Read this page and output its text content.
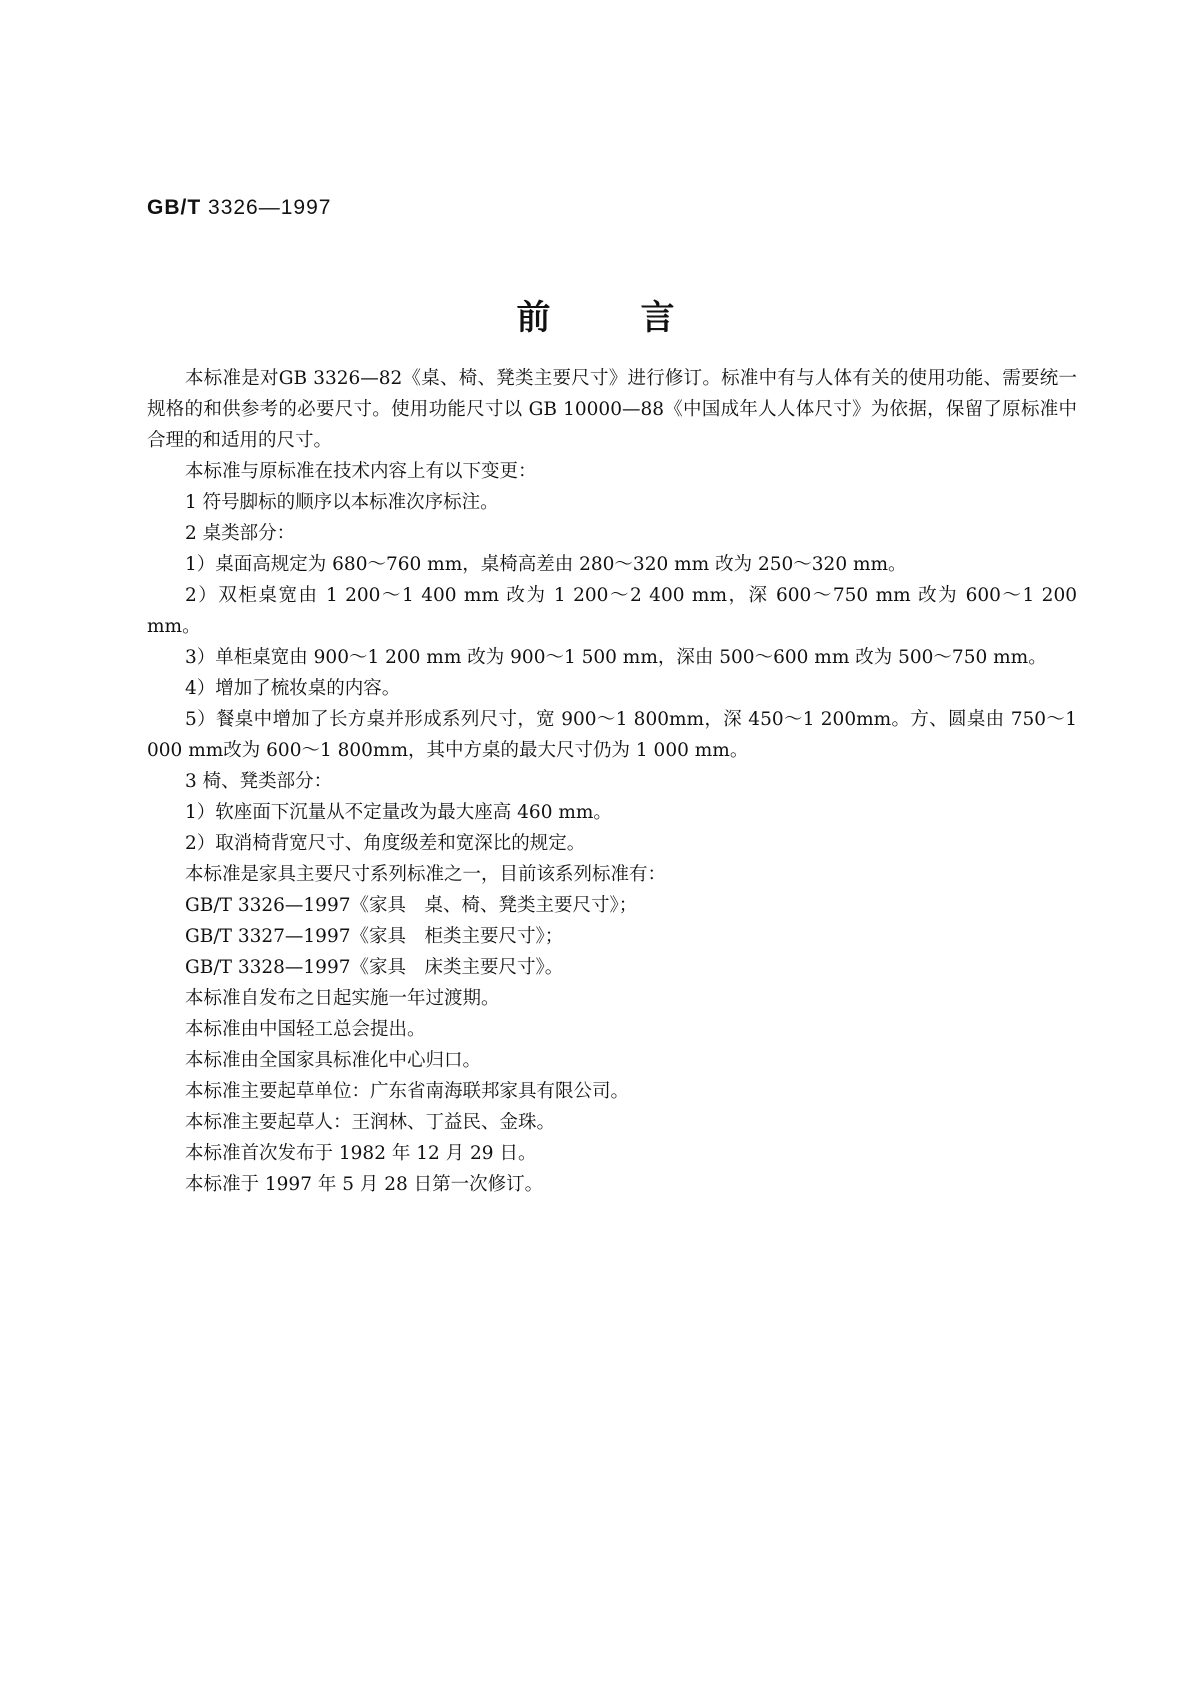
GB/T 3326—1997
前言

本标准是对GB 3326—82《桌、椅、凳类主要尺寸》进行修订。标准中有与人体有关的使用功能、需要统一规格的和供参考的必要尺寸。使用功能尺寸以 GB 10000—88《中国成年人人体尺寸》为依据，保留了原标准中合理的和适用的尺寸。

本标准与原标准在技术内容上有以下变更：

1 符号脚标的顺序以本标准次序标注。

2 桌类部分：

1）桌面高规定为 680～760 mm，桌椅高差由 280～320 mm 改为 250～320 mm。

2）双柜桌宽由 1 200～1 400 mm 改为 1 200～2 400 mm，深 600～750 mm 改为 600～1 200 mm。

3）单柜桌宽由 900～1 200 mm 改为 900～1 500 mm，深由 500～600 mm 改为 500～750 mm。

4）增加了梳妆桌的内容。

5）餐桌中增加了长方桌并形成系列尺寸，宽 900～1 800mm，深 450～1 200mm。方、圆桌由 750～1 000 mm改为 600～1 800mm，其中方桌的最大尺寸仍为 1 000 mm。

3 椅、凳类部分：

1）软座面下沉量从不定量改为最大座高 460 mm。

2）取消椅背宽尺寸、角度级差和宽深比的规定。

本标准是家具主要尺寸系列标准之一，目前该系列标准有：

GB/T 3326—1997《家具　桌、椅、凳类主要尺寸》；

GB/T 3327—1997《家具　柜类主要尺寸》；

GB/T 3328—1997《家具　床类主要尺寸》。

本标准自发布之日起实施一年过渡期。

本标准由中国轻工总会提出。

本标准由全国家具标准化中心归口。

本标准主要起草单位：广东省南海联邦家具有限公司。

本标准主要起草人：王润林、丁益民、金珠。

本标准首次发布于 1982 年 12 月 29 日。

本标准于 1997 年 5 月 28 日第一次修订。
